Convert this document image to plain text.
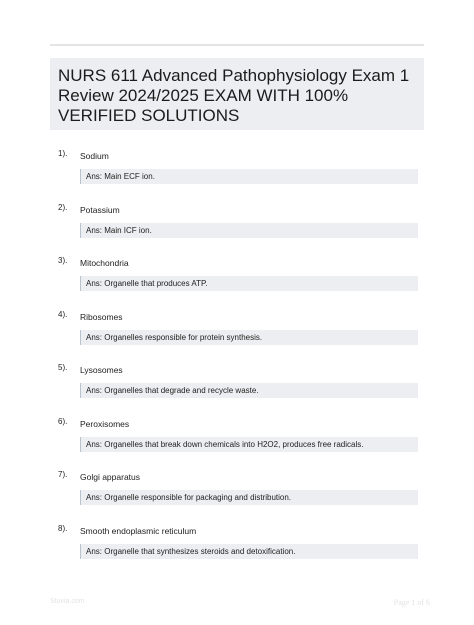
NURS 611 Advanced Pathophysiology Exam 1 Review 2024/2025 EXAM WITH 100% VERIFIED SOLUTIONS
1). Sodium
Ans: Main ECF ion.
2). Potassium
Ans: Main ICF ion.
3). Mitochondria
Ans: Organelle that produces ATP.
4). Ribosomes
Ans: Organelles responsible for protein synthesis.
5). Lysosomes
Ans: Organelles that degrade and recycle waste.
6). Peroxisomes
Ans: Organelles that break down chemicals into H2O2, produces free radicals.
7). Golgi apparatus
Ans: Organelle responsible for packaging and distribution.
8). Smooth endoplasmic reticulum
Ans: Organelle that synthesizes steroids and detoxification.
Stuvia.com	Page 1 of 6
